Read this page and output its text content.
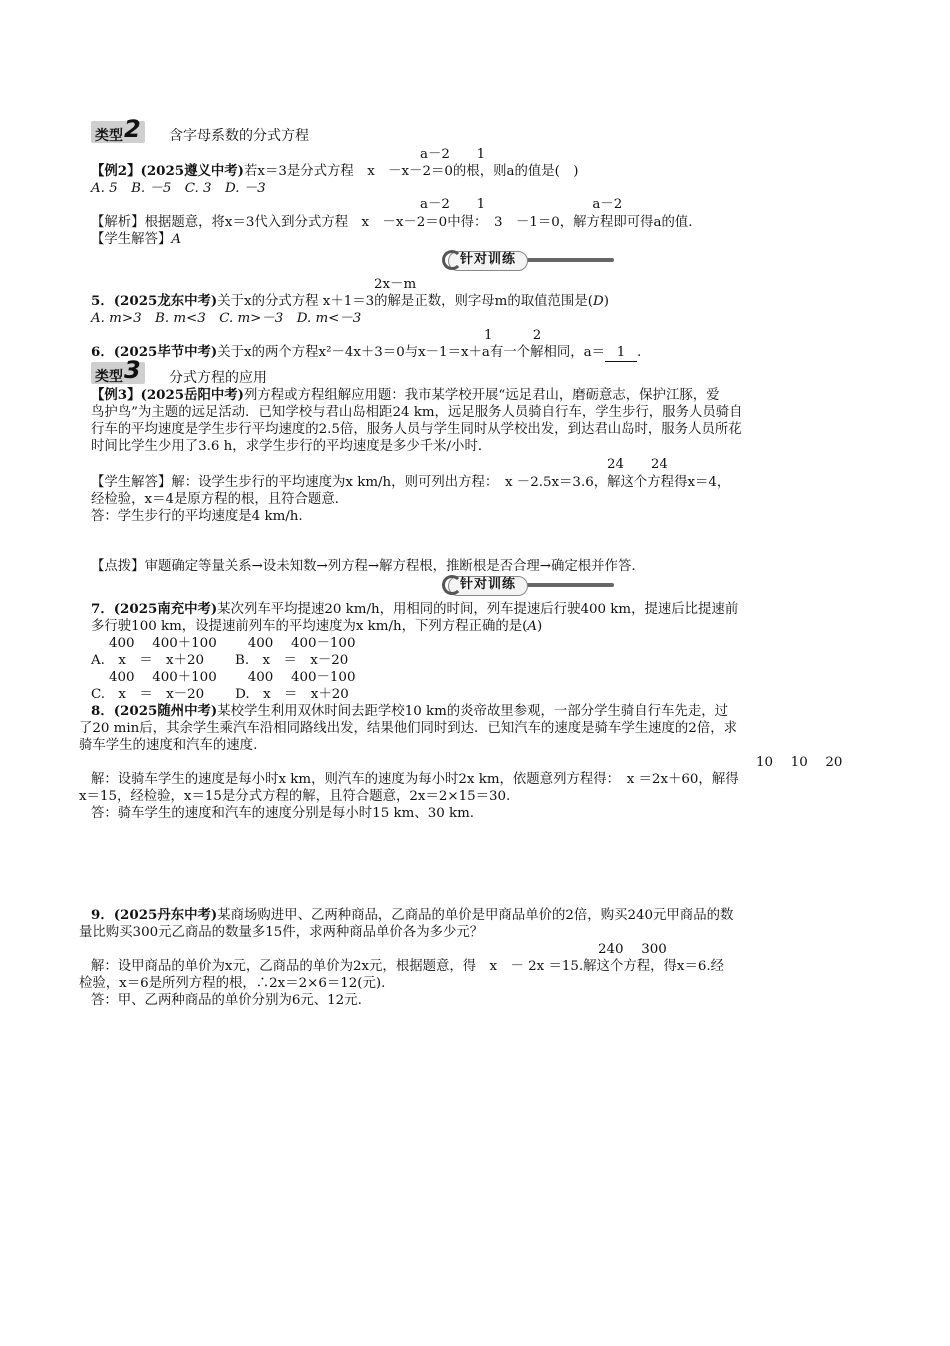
类型2 含字母系数的分式方程
a－2　　1
【例2】(2025遵义中考)若x＝3是分式方程　x　－x－2＝0的根，则a的值是(　)
A. 5　B. －5　C. 3　D. －3
a－2　　1　　　　　　　　a－2
【解析】根据题意，将x＝3代入到分式方程　x　－x－2＝0中得：　3　－1＝0，解方程即可得a的值.
【学生解答】A
针对训练
2x－m
5．(2025龙东中考)关于x的分式方程 x＋1＝3的解是正数，则字母m的取值范围是(D)
A. m>3　B. m<3　C. m>－3　D. m<－3
1　　　2
6．(2025毕节中考)关于x的两个方程x²－4x＋3＝0与x－1＝x＋a有一个解相同，a＝ 1 .
类型3 分式方程的应用
【例3】(2025岳阳中考)列方程或方程组解应用题：我市某学校开展“远足君山，磨砺意志，保护江豚，爱
鸟护鸟”为主题的远足活动．已知学校与君山岛相距24 km，远足服务人员骑自行车，学生步行，服务人员骑自
行车的平均速度是学生步行平均速度的2.5倍，服务人员与学生同时从学校出发，到达君山岛时，服务人员所花
时间比学生少用了3.6 h，求学生步行的平均速度是多少千米/小时．
24　　24
【学生解答】解：设学生步行的平均速度为x km/h，则可列出方程：　x －2.5x＝3.6，解这个方程得x＝4，
经检验，x＝4是原方程的根，且符合题意．
答：学生步行的平均速度是4 km/h.
【点拨】审题确定等量关系→设未知数→列方程→解方程根，推断根是否合理→确定根并作答.
针对训练
7．(2025南充中考)某次列车平均提速20 km/h，用相同的时间，列车提速后行驶400 km，提速后比提速前
多行驶100 km，设提速前列车的平均速度为x km/h，下列方程正确的是(A)
400　 400＋100　　 400　 400－100
A.　x　＝　x＋20　　 B.　x　＝　x－20
400　 400＋100　　 400　 400－100
C.　x　＝　x－20　　 D.　x　＝　x＋20
8．(2025随州中考)某校学生利用双休时间去距学校10 km的炎帝故里参观，一部分学生骑自行车先走，过
了20 min后，其余学生乘汽车沿相同路线出发，结果他们同时到达．已知汽车的速度是骑车学生速度的2倍，求
骑车学生的速度和汽车的速度.
10　 10　 20
解：设骑车学生的速度是每小时x km，则汽车的速度为每小时2x km，依题意列方程得：　x ＝2x＋60，解得
x＝15，经检验，x＝15是分式方程的解，且符合题意，2x＝2×15＝30.
答：骑车学生的速度和汽车的速度分别是每小时15 km、30 km.
9．(2025丹东中考)某商场购进甲、乙两种商品，乙商品的单价是甲商品单价的2倍，购买240元甲商品的数
量比购买300元乙商品的数量多15件，求两种商品单价各为多少元？
240　 300
解：设甲商品的单价为x元，乙商品的单价为2x元，根据题意，得　x　－ 2x ＝15.解这个方程，得x＝6.经
检验，x＝6是所列方程的根，∴2x＝2×6＝12(元).
答：甲、乙两种商品的单价分别为6元、12元.
